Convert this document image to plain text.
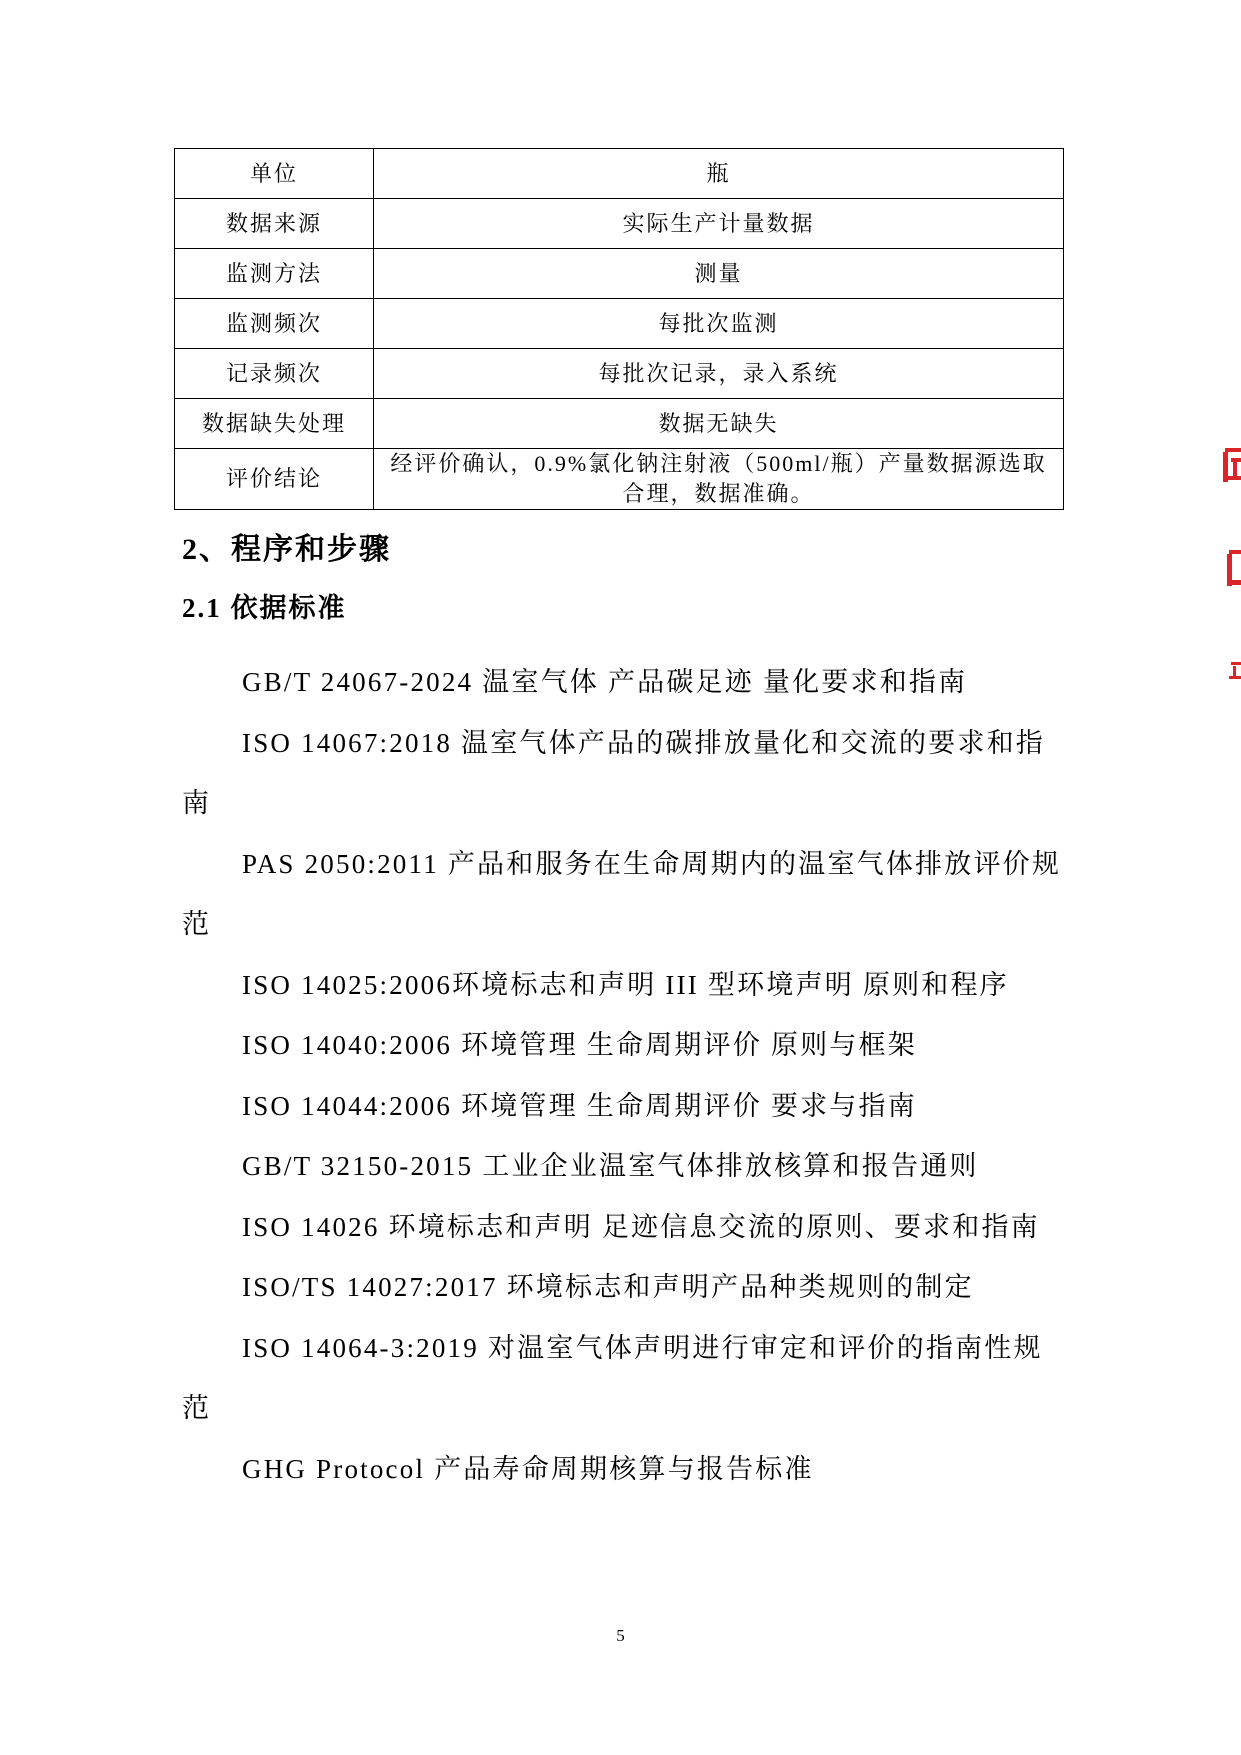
单位	瓶
数据来源	实际生产计量数据
监测方法	测量
监测频次	每批次监测
记录频次	每批次记录，录入系统
数据缺失处理	数据无缺失
评价结论	经评价确认，0.9%氯化钠注射液（500ml/瓶）产量数据源选取合理，数据准确。
2、程序和步骤
2.1 依据标准
GB/T 24067-2024 温室气体 产品碳足迹 量化要求和指南
ISO 14067:2018 温室气体产品的碳排放量化和交流的要求和指南
PAS 2050:2011 产品和服务在生命周期内的温室气体排放评价规范
ISO 14025:2006环境标志和声明 III 型环境声明 原则和程序
ISO 14040:2006 环境管理 生命周期评价 原则与框架
ISO 14044:2006 环境管理 生命周期评价 要求与指南
GB/T 32150-2015 工业企业温室气体排放核算和报告通则
ISO 14026 环境标志和声明 足迹信息交流的原则、要求和指南
ISO/TS 14027:2017 环境标志和声明产品种类规则的制定
ISO 14064-3:2019 对温室气体声明进行审定和评价的指南性规范
GHG Protocol 产品寿命周期核算与报告标准
5
